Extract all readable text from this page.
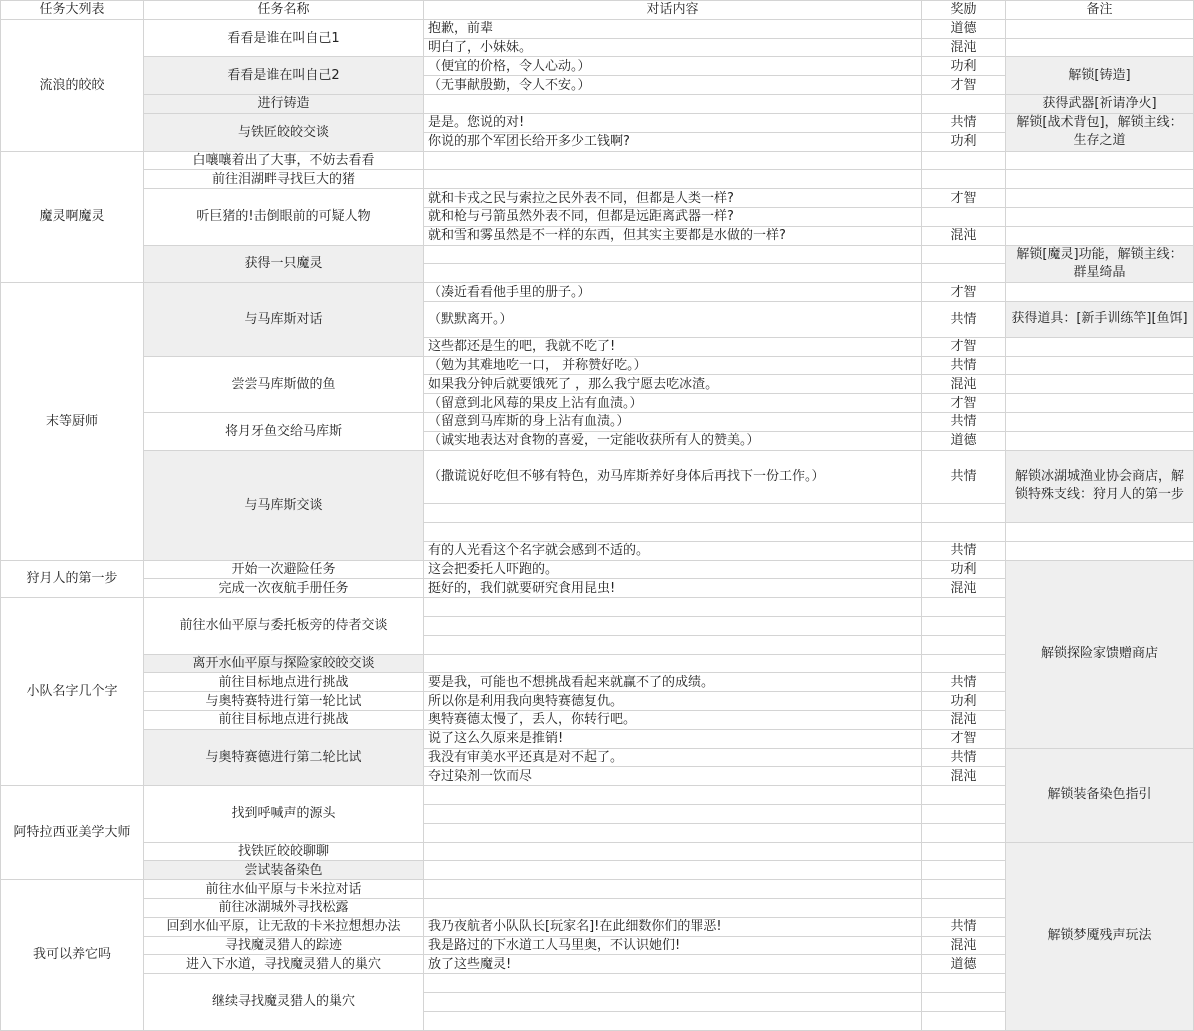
任务大列表	任务名称	对话内容	奖励	备注
流浪的皎皎	看看是谁在叫自己1	抱歉，前辈	道德	
		明白了，小妹妹。	混沌	
	看看是谁在叫自己2	（便宜的价格，令人心动。）	功利	解锁[铸造]
		（无事献殷勤，令人不安。）	才智	
	进行铸造			获得武器[祈请净火]
	与铁匠皎皎交谈	是是。您说的对!	共情	解锁[战术背包]，解锁主线：生存之道
		你说的那个军团长给开多少工钱啊?	功利	
魔灵啊魔灵	白嚷嚷着出了大事，不妨去看看			
	前往泪湖畔寻找巨大的猪			
	听巨猪的!击倒眼前的可疑人物	就和卡戎之民与索拉之民外表不同，但都是人类一样?	才智	
		就和枪与弓箭虽然外表不同，但都是远距离武器一样?		
		就和雪和雾虽然是不一样的东西，但其实主要都是水做的一样?	混沌	
	获得一只魔灵			解锁[魔灵]功能，解锁主线：群星绮晶

末等厨师	与马库斯对话	（凑近看看他手里的册子。）	才智	
		（默默离开。）	共情	获得道具：[新手训练竿][鱼饵]
		这些都还是生的吧，我就不吃了!	才智	
	尝尝马库斯做的鱼	（勉为其难地吃一口， 并称赞好吃。）	共情	
		如果我分钟后就要饿死了 ，那么我宁愿去吃冰渣。	混沌	
		（留意到北风莓的果皮上沾有血渍。）	才智	
	将月牙鱼交给马库斯	（留意到马库斯的身上沾有血渍。）	共情	
		（诚实地表达对食物的喜爱，一定能收获所有人的赞美。）	道德	
	与马库斯交谈	（撒谎说好吃但不够有特色，劝马库斯养好身体后再找下一份工作。）	共情	解锁冰湖城渔业协会商店，解锁特殊支线：狩月人的第一步

		有的人光看这个名字就会感到不适的。	共情	
狩月人的第一步	开始一次避险任务	这会把委托人吓跑的。	功利	解锁探险家馈赠商店
	完成一次夜航手册任务	挺好的，我们就要研究食用昆虫!	混沌	
小队名字几个字	前往水仙平原与委托板旁的侍者交谈			

	离开水仙平原与探险家皎皎交谈			
	前往目标地点进行挑战	要是我，可能也不想挑战看起来就赢不了的成绩。	共情	
	与奥特赛特进行第一轮比试	所以你是利用我向奥特赛德复仇。	功利	
	前往目标地点进行挑战	奥特赛德太慢了，丢人，你转行吧。	混沌	
	与奥特赛德进行第二轮比试	说了这么久原来是推销!	才智	
		我没有审美水平还真是对不起了。	共情	解锁装备染色指引
		夺过染剂一饮而尽	混沌	
阿特拉西亚美学大师	找到呼喊声的源头			

	找铁匠皎皎聊聊			解锁梦魇残声玩法
	尝试装备染色			
我可以养它吗	前往水仙平原与卡米拉对话			
	前往冰湖城外寻找松露			
	回到水仙平原，让无敌的卡米拉想想办法	我乃夜航者小队队长[玩家名]!在此细数你们的罪恶!	共情	
	寻找魔灵猎人的踪迹	我是路过的下水道工人马里奥，不认识她们!	混沌	
	进入下水道，寻找魔灵猎人的巢穴	放了这些魔灵!	道德	
	继续寻找魔灵猎人的巢穴			
